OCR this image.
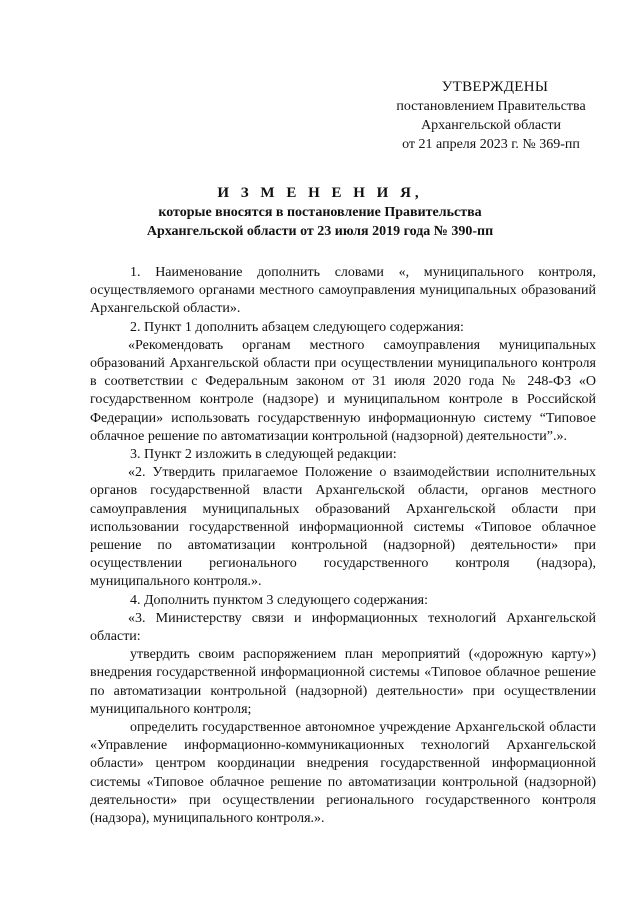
УТВЕРЖДЕНЫ
постановлением Правительства
Архангельской области
от 21 апреля 2023 г. № 369-пп
И З М Е Н Е Н И Я,
которые вносятся в постановление Правительства
Архангельской области от 23 июля 2019 года № 390-пп

1. Наименование дополнить словами «, муниципального контроля, осуществляемого органами местного самоуправления муниципальных образований Архангельской области».

2. Пункт 1 дополнить абзацем следующего содержания:

«Рекомендовать органам местного самоуправления муниципальных образований Архангельской области при осуществлении муниципального контроля в соответствии с Федеральным законом от 31 июля 2020 года № 248-ФЗ «О государственном контроле (надзоре) и муниципальном контроле в Российской Федерации» использовать государственную информационную систему “Типовое облачное решение по автоматизации контрольной (надзорной) деятельности”.».

3. Пункт 2 изложить в следующей редакции:

«2. Утвердить прилагаемое Положение о взаимодействии исполнительных органов государственной власти Архангельской области, органов местного самоуправления муниципальных образований Архангельской области при использовании государственной информационной системы «Типовое облачное решение по автоматизации контрольной (надзорной) деятельности» при осуществлении регионального государственного контроля (надзора), муниципального контроля.».

4. Дополнить пунктом 3 следующего содержания:

«3. Министерству связи и информационных технологий Архангельской области:

утвердить своим распоряжением план мероприятий («дорожную карту») внедрения государственной информационной системы «Типовое облачное решение по автоматизации контрольной (надзорной) деятельности» при осуществлении муниципального контроля;

определить государственное автономное учреждение Архангельской области «Управление информационно-коммуникационных технологий Архангельской области» центром координации внедрения государственной информационной системы «Типовое облачное решение по автоматизации контрольной (надзорной) деятельности» при осуществлении регионального государственного контроля (надзора), муниципального контроля.».
